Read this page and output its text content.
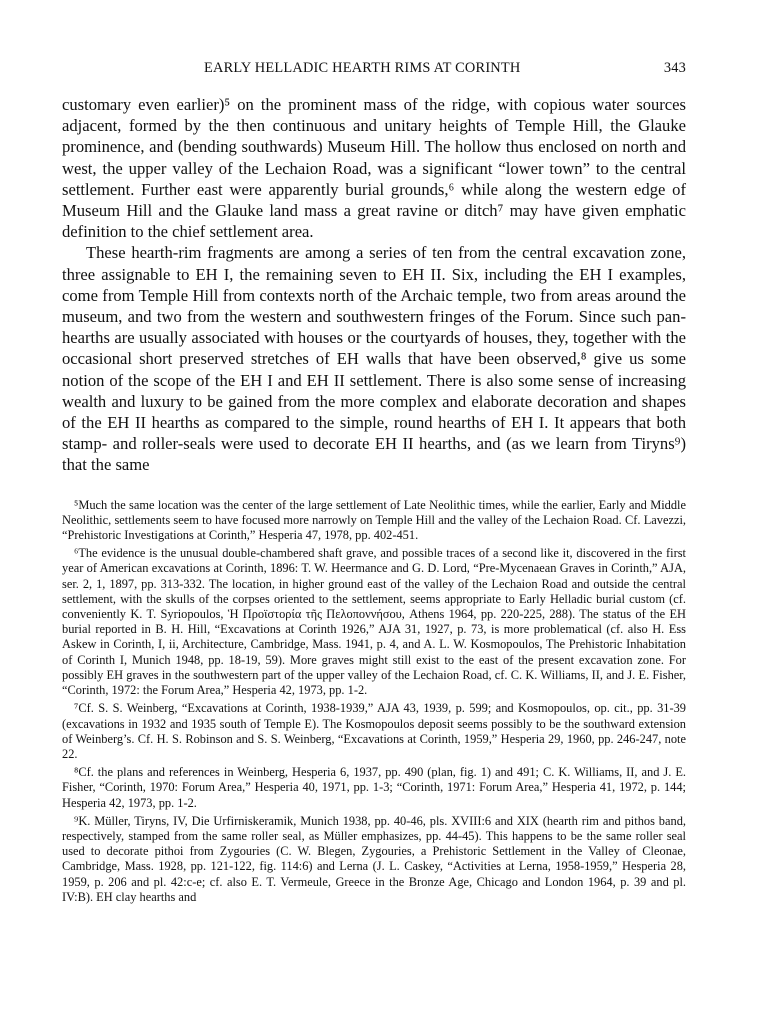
EARLY HELLADIC HEARTH RIMS AT CORINTH	343

customary even earlier)⁵ on the prominent mass of the ridge, with copious water sources adjacent, formed by the then continuous and unitary heights of Temple Hill, the Glauke prominence, and (bending southwards) Museum Hill. The hollow thus enclosed on north and west, the upper valley of the Lechaion Road, was a significant “lower town” to the central settlement. Further east were apparently burial grounds,⁶ while along the western edge of Museum Hill and the Glauke land mass a great ravine or ditch⁷ may have given emphatic definition to the chief settlement area.

These hearth-rim fragments are among a series of ten from the central excavation zone, three assignable to EH I, the remaining seven to EH II. Six, including the EH I examples, come from Temple Hill from contexts north of the Archaic temple, two from areas around the museum, and two from the western and southwestern fringes of the Forum. Since such pan-hearths are usually associated with houses or the courtyards of houses, they, together with the occasional short preserved stretches of EH walls that have been observed,⁸ give us some notion of the scope of the EH I and EH II settlement. There is also some sense of increasing wealth and luxury to be gained from the more complex and elaborate decoration and shapes of the EH II hearths as compared to the simple, round hearths of EH I. It appears that both stamp- and roller-seals were used to decorate EH II hearths, and (as we learn from Tiryns⁹) that the same

⁵Much the same location was the center of the large settlement of Late Neolithic times, while the earlier, Early and Middle Neolithic, settlements seem to have focused more narrowly on Temple Hill and the valley of the Lechaion Road. Cf. Lavezzi, “Prehistoric Investigations at Corinth,” Hesperia 47, 1978, pp. 402-451.

⁶The evidence is the unusual double-chambered shaft grave, and possible traces of a second like it, discovered in the first year of American excavations at Corinth, 1896: T. W. Heermance and G. D. Lord, “Pre-Mycenaean Graves in Corinth,” AJA, ser. 2, 1, 1897, pp. 313-332. The location, in higher ground east of the valley of the Lechaion Road and outside the central settlement, with the skulls of the corpses oriented to the settlement, seems appropriate to Early Helladic burial custom (cf. conveniently K. T. Syriopoulos, Ἡ Προϊστορία τῆς Πελοποννήσου, Athens 1964, pp. 220-225, 288). The status of the EH burial reported in B. H. Hill, “Excavations at Corinth 1926,” AJA 31, 1927, p. 73, is more problematical (cf. also H. Ess Askew in Corinth, I, ii, Architecture, Cambridge, Mass. 1941, p. 4, and A. L. W. Kosmopoulos, The Prehistoric Inhabitation of Corinth I, Munich 1948, pp. 18-19, 59). More graves might still exist to the east of the present excavation zone. For possibly EH graves in the southwestern part of the upper valley of the Lechaion Road, cf. C. K. Williams, II, and J. E. Fisher, “Corinth, 1972: the Forum Area,” Hesperia 42, 1973, pp. 1-2.

⁷Cf. S. S. Weinberg, “Excavations at Corinth, 1938-1939,” AJA 43, 1939, p. 599; and Kosmopoulos, op. cit., pp. 31-39 (excavations in 1932 and 1935 south of Temple E). The Kosmopoulos deposit seems possibly to be the southward extension of Weinberg’s. Cf. H. S. Robinson and S. S. Weinberg, “Excavations at Corinth, 1959,” Hesperia 29, 1960, pp. 246-247, note 22.

⁸Cf. the plans and references in Weinberg, Hesperia 6, 1937, pp. 490 (plan, fig. 1) and 491; C. K. Williams, II, and J. E. Fisher, “Corinth, 1970: Forum Area,” Hesperia 40, 1971, pp. 1-3; “Corinth, 1971: Forum Area,” Hesperia 41, 1972, p. 144; Hesperia 42, 1973, pp. 1-2.

⁹K. Müller, Tiryns, IV, Die Urfirniskeramik, Munich 1938, pp. 40-46, pls. XVIII:6 and XIX (hearth rim and pithos band, respectively, stamped from the same roller seal, as Müller emphasizes, pp. 44-45). This happens to be the same roller seal used to decorate pithoi from Zygouries (C. W. Blegen, Zygouries, a Prehistoric Settlement in the Valley of Cleonae, Cambridge, Mass. 1928, pp. 121-122, fig. 114:6) and Lerna (J. L. Caskey, “Activities at Lerna, 1958-1959,” Hesperia 28, 1959, p. 206 and pl. 42:c-e; cf. also E. T. Vermeule, Greece in the Bronze Age, Chicago and London 1964, p. 39 and pl. IV:B). EH clay hearths and
